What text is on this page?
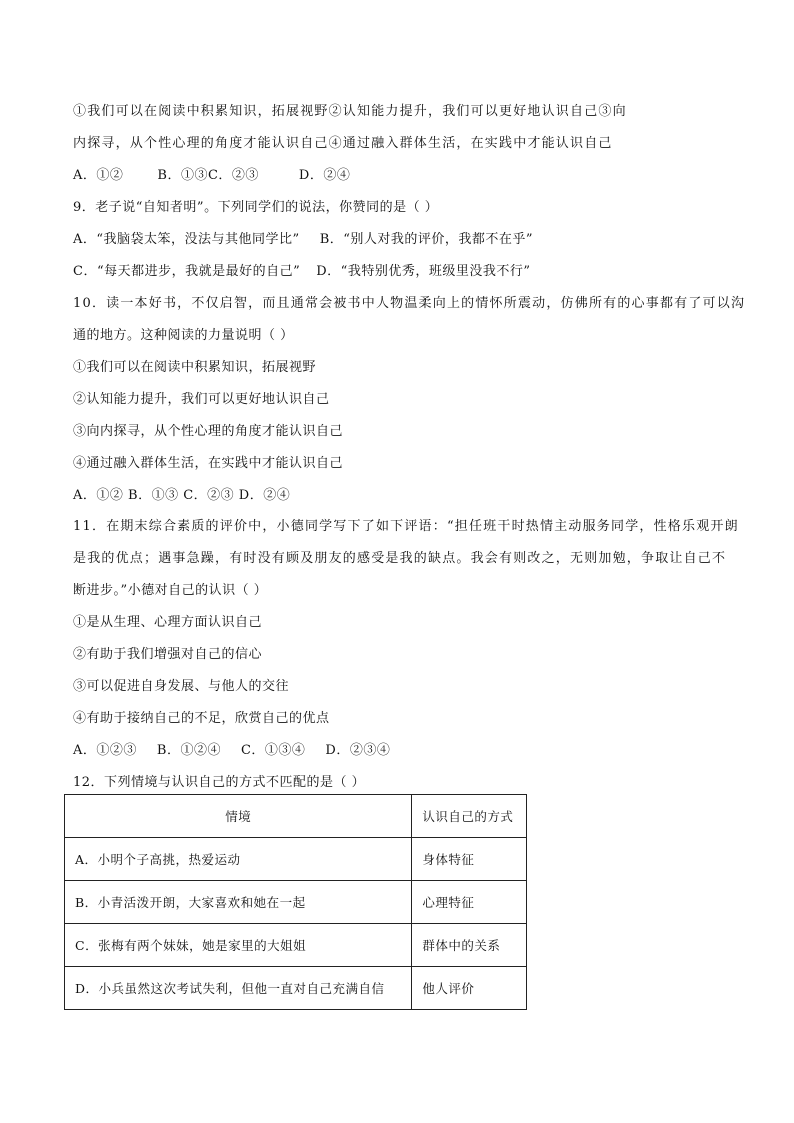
①我们可以在阅读中积累知识，拓展视野②认知能力提升，我们可以更好地认识自己③向
内探寻，从个性心理的角度才能认识自己④通过融入群体生活，在实践中才能认识自己
A．①②	B．①③C．②③	D．②④
9．老子说“自知者明”。下列同学们的说法，你赞同的是（ ）
A．“我脑袋太笨，没法与其他同学比” B．“别人对我的评价，我都不在乎”
C．“每天都进步，我就是最好的自己” D．“我特别优秀，班级里没我不行”
10．读一本好书，不仅启智，而且通常会被书中人物温柔向上的情怀所震动，仿佛所有的心事都有了可以沟
通的地方。这种阅读的力量说明（ ）
①我们可以在阅读中积累知识，拓展视野
②认知能力提升，我们可以更好地认识自己
③向内探寻，从个性心理的角度才能认识自己
④通过融入群体生活，在实践中才能认识自己
A．①② B．①③ C．②③ D．②④
11．在期末综合素质的评价中，小德同学写下了如下评语：“担任班干时热情主动服务同学，性格乐观开朗
是我的优点；遇事急躁，有时没有顾及朋友的感受是我的缺点。我会有则改之，无则加勉，争取让自己不
断进步。”小德对自己的认识（ ）
①是从生理、心理方面认识自己
②有助于我们增强对自己的信心
③可以促进自身发展、与他人的交往
④有助于接纳自己的不足，欣赏自己的优点
A．①②③ B．①②④ C．①③④ D．②③④
12．下列情境与认识自己的方式不匹配的是（ ）
情境	认识自己的方式
A．小明个子高挑，热爱运动	身体特征
B．小青活泼开朗，大家喜欢和她在一起	心理特征
C．张梅有两个妹妹，她是家里的大姐姐	群体中的关系
D．小兵虽然这次考试失利，但他一直对自己充满自信	他人评价
